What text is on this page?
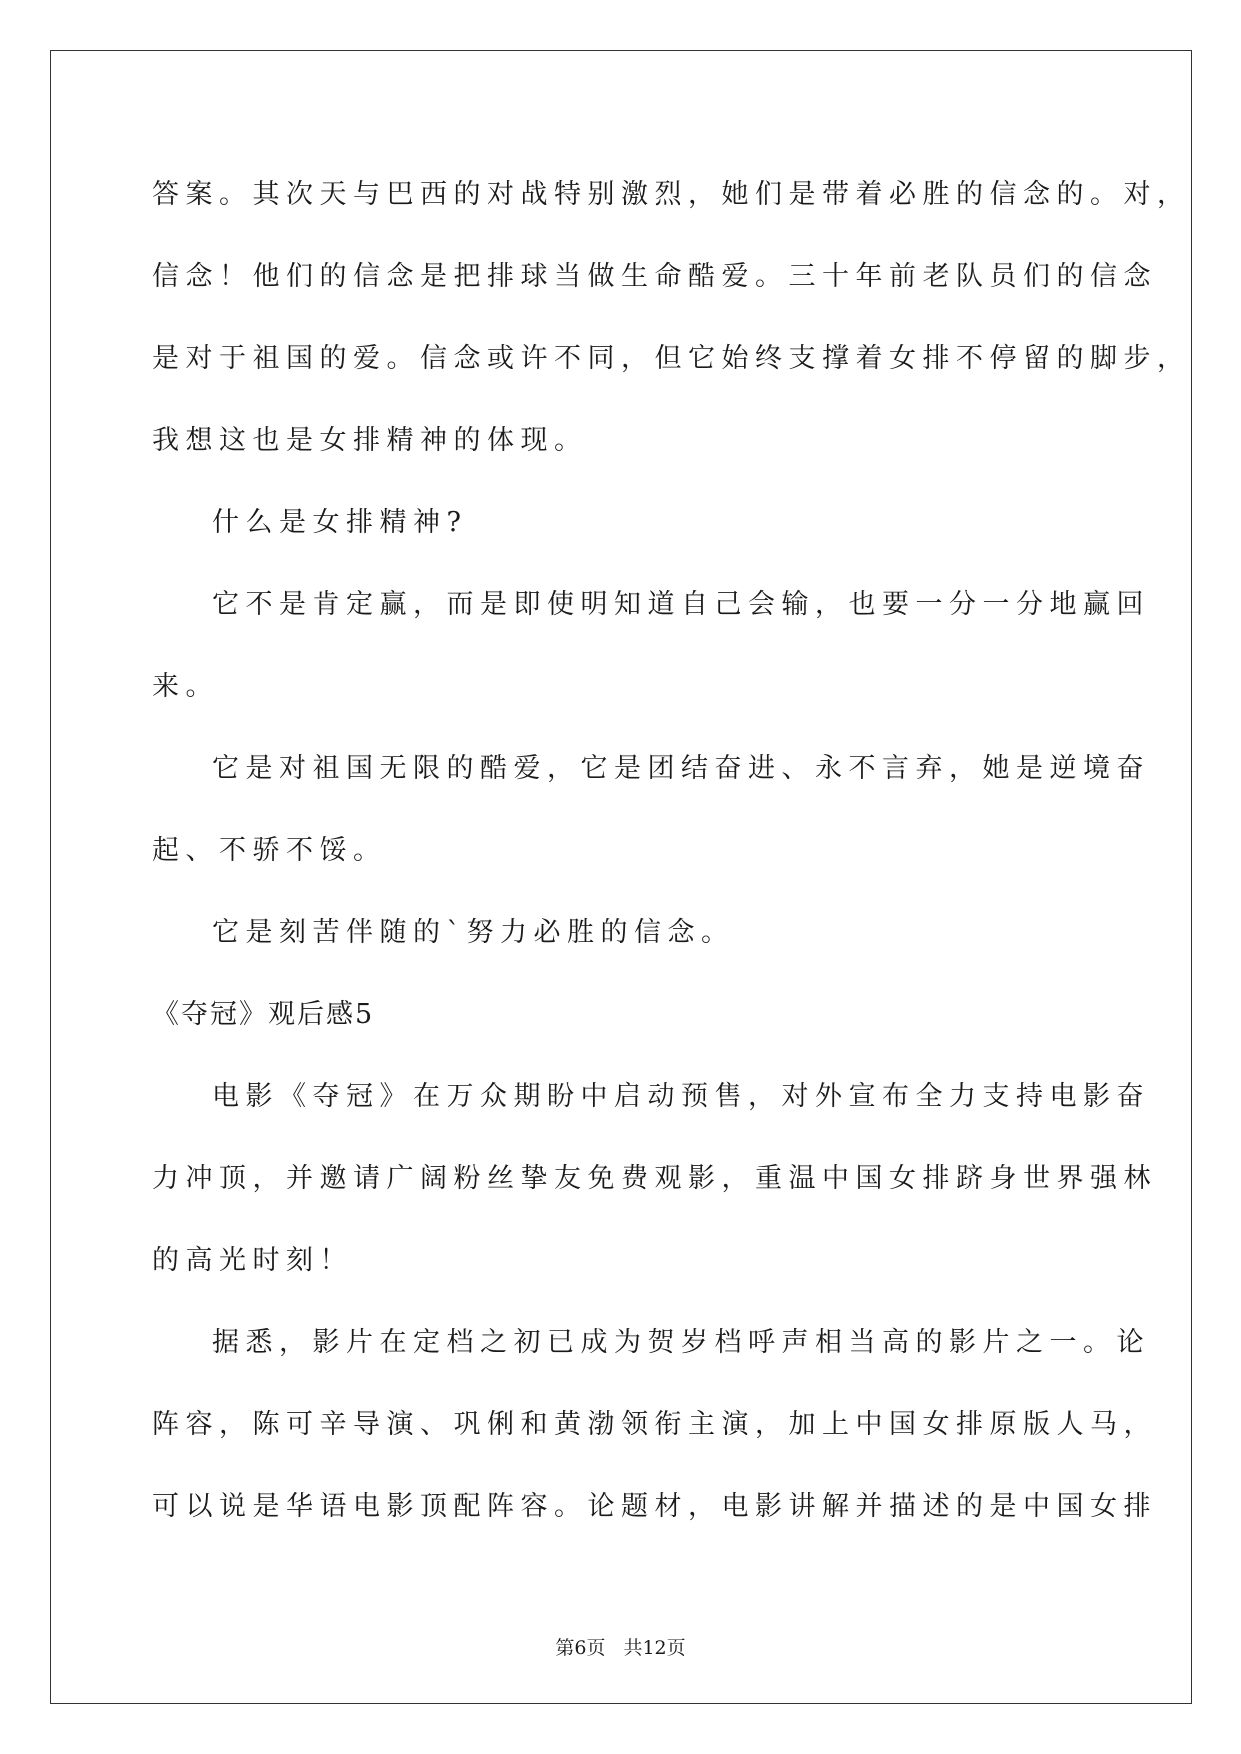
答案。其次天与巴西的对战特别激烈，她们是带着必胜的信念的。对，
信念！他们的信念是把排球当做生命酷爱。三十年前老队员们的信念
是对于祖国的爱。信念或许不同，但它始终支撑着女排不停留的脚步，
我想这也是女排精神的体现。
什么是女排精神?
它不是肯定赢，而是即使明知道自己会输，也要一分一分地赢回
来。
它是对祖国无限的酷爱，它是团结奋进、永不言弃，她是逆境奋
起、不骄不馁。
它是刻苦伴随的`努力必胜的信念。
《夺冠》观后感5
电影《夺冠》在万众期盼中启动预售，对外宣布全力支持电影奋
力冲顶，并邀请广阔粉丝挚友免费观影，重温中国女排跻身世界强林
的高光时刻！
据悉，影片在定档之初已成为贺岁档呼声相当高的影片之一。论
阵容，陈可辛导演、巩俐和黄渤领衔主演，加上中国女排原版人马，
可以说是华语电影顶配阵容。论题材，电影讲解并描述的是中国女排
第6页 共12页
